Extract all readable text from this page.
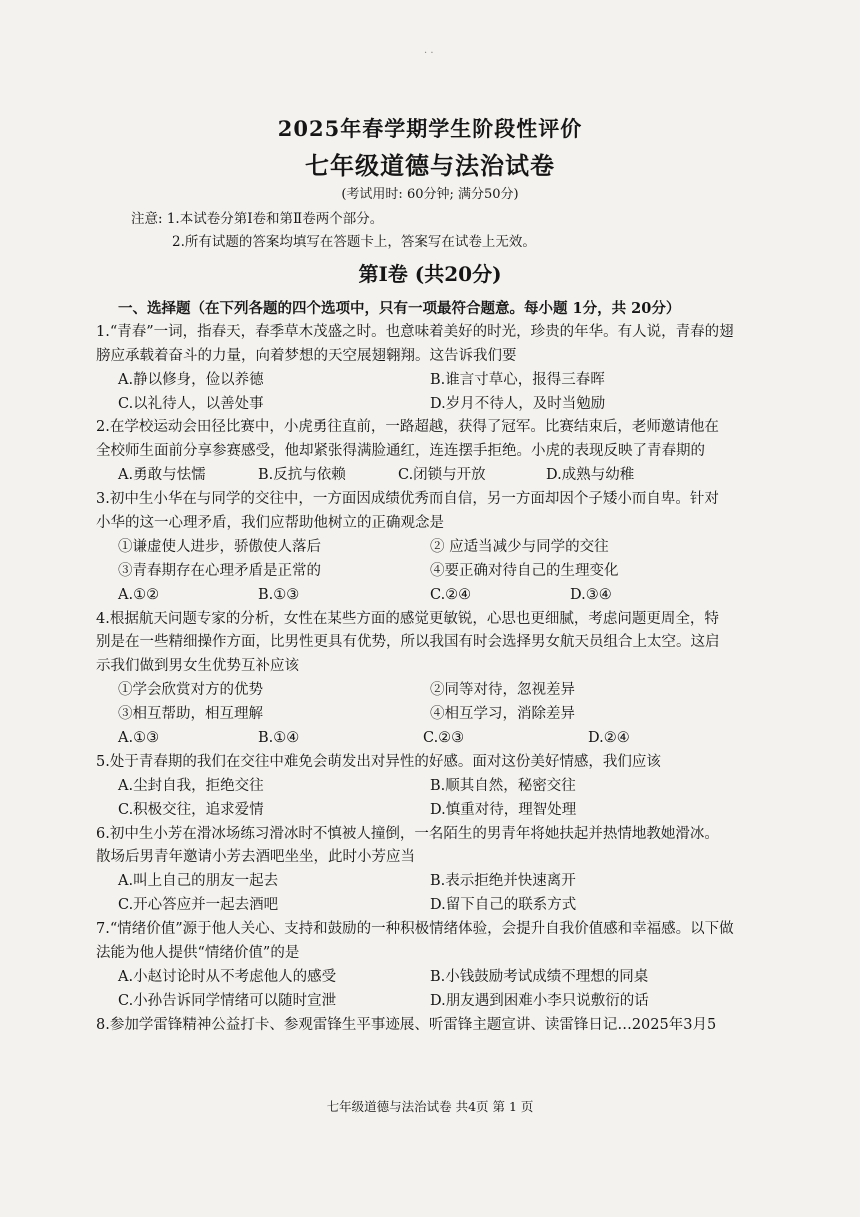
· ·
2025年春学期学生阶段性评价
七年级道德与法治试卷
(考试用时: 60分钟; 满分50分)
注意: 1.本试卷分第Ⅰ卷和第Ⅱ卷两个部分。
2.所有试题的答案均填写在答题卡上，答案写在试卷上无效。
第Ⅰ卷 (共20分)
一、选择题（在下列各题的四个选项中，只有一项最符合题意。每小题 1分，共 20分）
1.“青春”一词，指春天，春季草木茂盛之时。也意味着美好的时光，珍贵的年华。有人说，青春的翅
膀应承载着奋斗的力量，向着梦想的天空展翅翱翔。这告诉我们要
A.静以修身，俭以养德	B.谁言寸草心，报得三春晖
C.以礼待人，以善处事	D.岁月不待人，及时当勉励
2.在学校运动会田径比赛中，小虎勇往直前，一路超越，获得了冠军。比赛结束后，老师邀请他在
全校师生面前分享参赛感受，他却紧张得满脸通红，连连摆手拒绝。小虎的表现反映了青春期的
A.勇敢与怯懦	B.反抗与依赖	C.闭锁与开放	D.成熟与幼稚
3.初中生小华在与同学的交往中，一方面因成绩优秀而自信，另一方面却因个子矮小而自卑。针对
小华的这一心理矛盾，我们应帮助他树立的正确观念是
①谦虚使人进步，骄傲使人落后	② 应适当减少与同学的交往
③青春期存在心理矛盾是正常的	④要正确对待自己的生理变化
A.①②	B.①③	C.②④	D.③④
4.根据航天问题专家的分析，女性在某些方面的感觉更敏锐，心思也更细腻，考虑问题更周全，特
别是在一些精细操作方面，比男性更具有优势，所以我国有时会选择男女航天员组合上太空。这启
示我们做到男女生优势互补应该
①学会欣赏对方的优势	②同等对待，忽视差异
③相互帮助，相互理解	④相互学习，消除差异
A.①③	B.①④	C.②③	D.②④
5.处于青春期的我们在交往中难免会萌发出对异性的好感。面对这份美好情感，我们应该
A.尘封自我，拒绝交往	B.顺其自然，秘密交往
C.积极交往，追求爱情	D.慎重对待，理智处理
6.初中生小芳在滑冰场练习滑冰时不慎被人撞倒，一名陌生的男青年将她扶起并热情地教她滑冰。
散场后男青年邀请小芳去酒吧坐坐，此时小芳应当
A.叫上自己的朋友一起去	B.表示拒绝并快速离开
C.开心答应并一起去酒吧	D.留下自己的联系方式
7.“情绪价值”源于他人关心、支持和鼓励的一种积极情绪体验，会提升自我价值感和幸福感。以下做
法能为他人提供“情绪价值”的是
A.小赵讨论时从不考虑他人的感受	B.小钱鼓励考试成绩不理想的同桌
C.小孙告诉同学情绪可以随时宣泄	D.朋友遇到困难小李只说敷衍的话
8.参加学雷锋精神公益打卡、参观雷锋生平事迹展、听雷锋主题宣讲、读雷锋日记…2025年3月5
七年级道德与法治试卷 共4页 第 1 页
